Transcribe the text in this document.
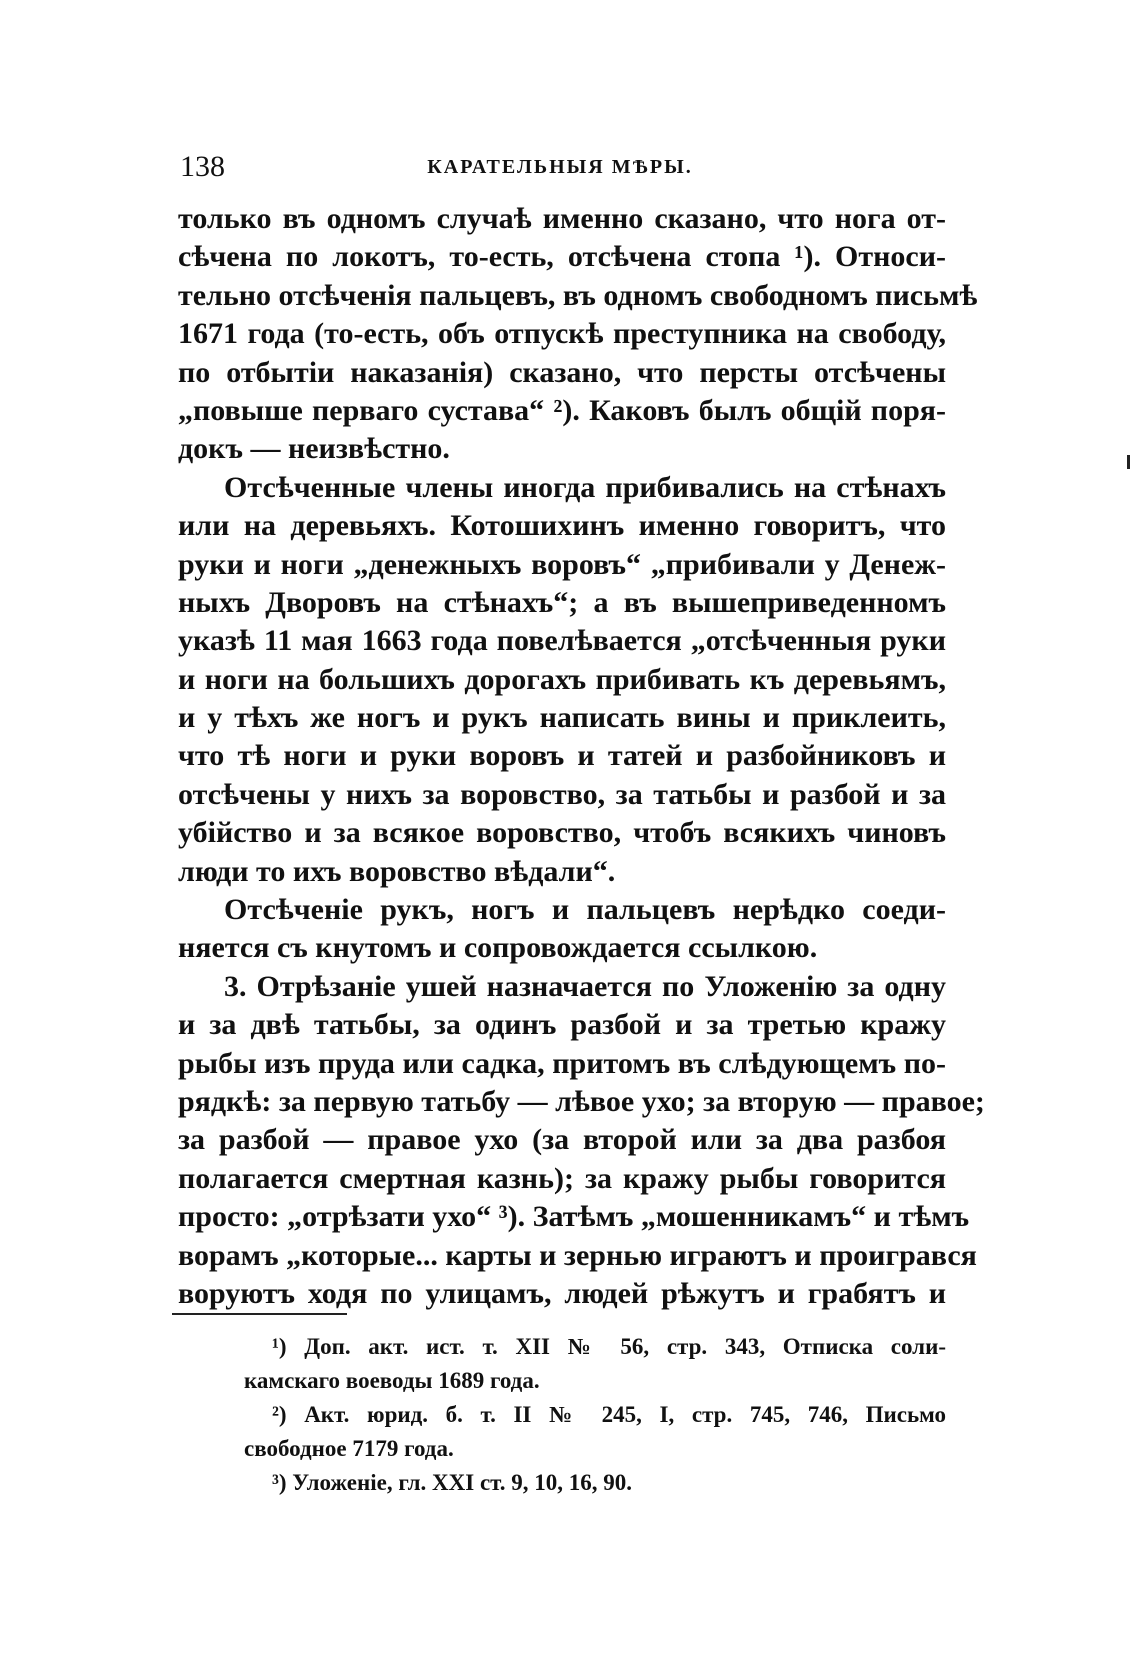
138	КАРАТЕЛЬНЫЯ МѢРЫ.
только въ одномъ случаѣ именно сказано, что нога от-
сѣчена по локотъ, то-есть, отсѣчена стопа ¹). Относи-
тельно отсѣченія пальцевъ, въ одномъ свободномъ письмѣ
1671 года (то-есть, объ отпускѣ преступника на свободу,
по отбытіи наказанія) сказано, что персты отсѣчены
„повыше перваго сустава“ ²). Каковъ былъ общій поря-
докъ — неизвѣстно.
Отсѣченные члены иногда прибивались на стѣнахъ
или на деревьяхъ. Котошихинъ именно говоритъ, что
руки и ноги „денежныхъ воровъ“ „прибивали у Денеж-
ныхъ Дворовъ на стѣнахъ“; а въ вышеприведенномъ
указѣ 11 мая 1663 года повелѣвается „отсѣченныя руки
и ноги на большихъ дорогахъ прибивать къ деревьямъ,
и у тѣхъ же ногъ и рукъ написать вины и приклеить,
что тѣ ноги и руки воровъ и татей и разбойниковъ и
отсѣчены у нихъ за воровство, за татьбы и разбой и за
убійство и за всякое воровство, чтобъ всякихъ чиновъ
люди то ихъ воровство вѣдали“.
Отсѣченіе рукъ, ногъ и пальцевъ нерѣдко соеди-
няется съ кнутомъ и сопровождается ссылкою.
3. Отрѣзаніе ушей назначается по Уложенію за одну
и за двѣ татьбы, за одинъ разбой и за третью кражу
рыбы изъ пруда или садка, притомъ въ слѣдующемъ по-
рядкѣ: за первую татьбу — лѣвое ухо; за вторую — правое;
за разбой — правое ухо (за второй или за два разбоя
полагается смертная казнь); за кражу рыбы говорится
просто: „отрѣзати ухо“ ³). Затѣмъ „мошенникамъ“ и тѣмъ
ворамъ „которые... карты и зернью играютъ и проигрався
воруютъ ходя по улицамъ, людей рѣжутъ и грабятъ и
¹) Доп. акт. ист. т. XII № 56, стр. 343, Отписка соли-
камскаго воеводы 1689 года.
²) Акт. юрид. б. т. II № 245, I, стр. 745, 746, Письмо
свободное 7179 года.
³) Уложеніе, гл. XXI ст. 9, 10, 16, 90.
